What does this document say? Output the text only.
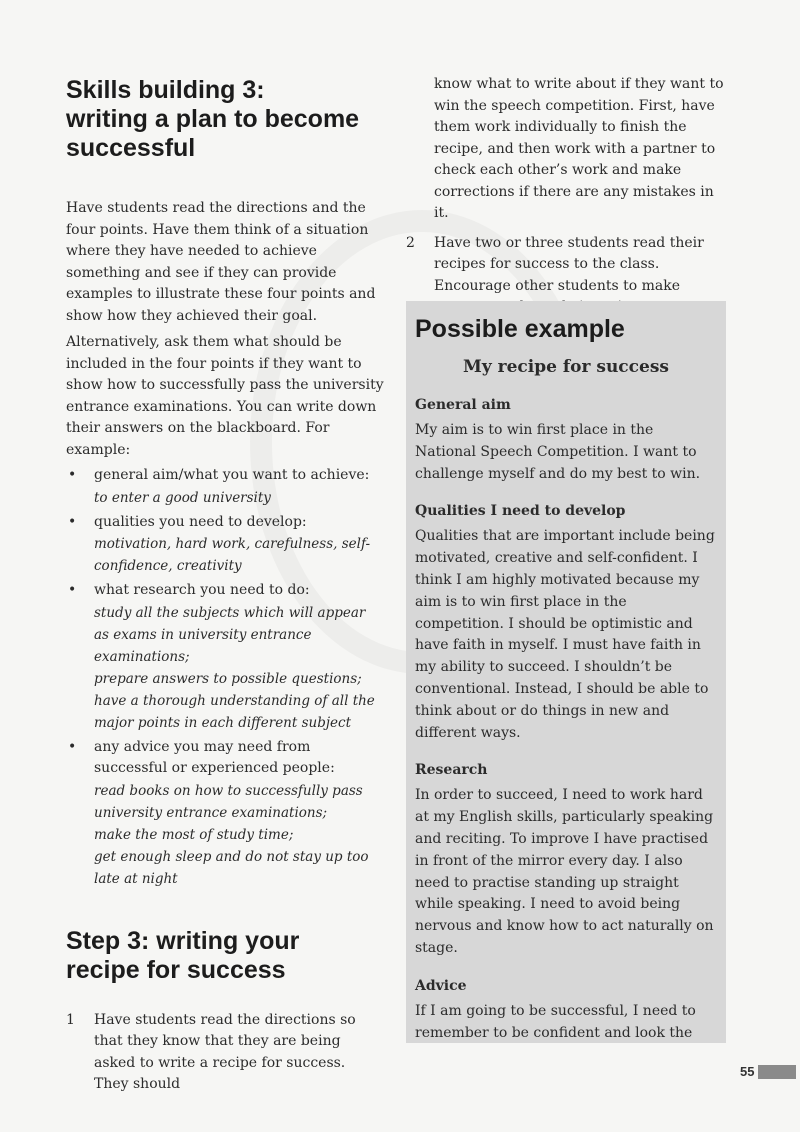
Skills building 3:
writing a plan to become
successful

Have students read the directions and the four points. Have them think of a situation where they have needed to achieve something and see if they can provide examples to illustrate these four points and show how they achieved their goal.

Alternatively, ask them what should be included in the four points if they want to show how to successfully pass the university entrance examinations. You can write down their answers on the blackboard. For example:

• general aim/what you want to achieve:
to enter a good university
• qualities you need to develop:
motivation, hard work, carefulness, self-confidence, creativity
• what research you need to do:
study all the subjects which will appear as exams in university entrance examinations;
prepare answers to possible questions;
have a thorough understanding of all the major points in each different subject
• any advice you may need from successful or experienced people:
read books on how to successfully pass university entrance examinations;
make the most of study time;
get enough sleep and do not stay up too late at night
Step 3: writing your
recipe for success
1 Have students read the directions so that they know that they are being asked to write a recipe for success. They should
know what to write about if they want to win the speech competition. First, have them work individually to finish the recipe, and then work with a partner to check each other’s work and make corrections if there are any mistakes in it.
2 Have two or three students read their recipes for success to the class. Encourage other students to make
Possible example
My recipe for success
General aim

My aim is to win first place in the National Speech Competition. I want to challenge myself and do my best to win.

Qualities I need to develop

Qualities that are important include being motivated, creative and self-confident. I think I am highly motivated because my aim is to win first place in the competition. I should be optimistic and have faith in myself. I must have faith in my ability to succeed. I shouldn’t be conventional. Instead, I should be able to think about or do things in new and different ways.

Research

In order to succeed, I need to work hard at my English skills, particularly speaking and reciting. To improve I have practised in front of the mirror every day. I also need to practise standing up straight while speaking. I need to avoid being nervous and know how to act naturally on stage.

Advice

If I am going to be successful, I need to remember to be confident and look the

55
